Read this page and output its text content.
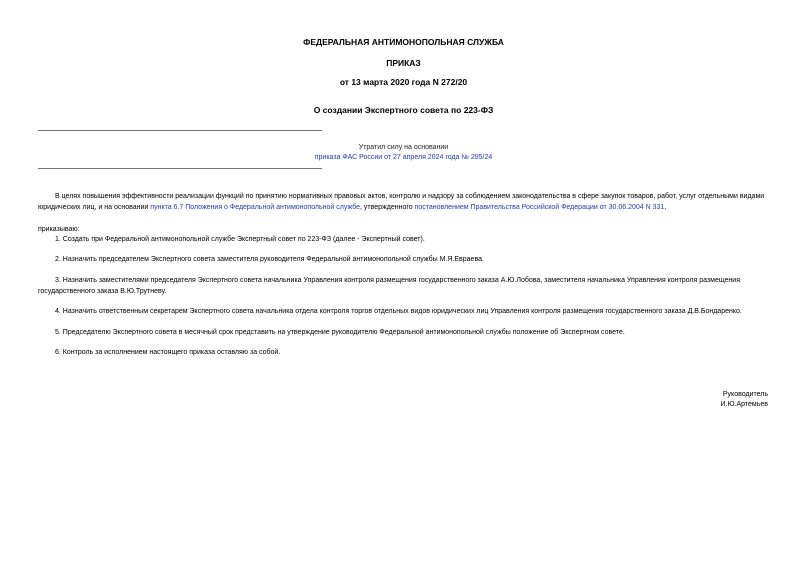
ФЕДЕРАЛЬНАЯ АНТИМОНОПОЛЬНАЯ СЛУЖБА
ПРИКАЗ
от 13 марта 2020 года N 272/20
О создании Экспертного совета по 223-ФЗ
Утратил силу на основании
приказа ФАС России от 27 апреля 2024 года № 295/24
В целях повышения эффективности реализации функций по принятию нормативных правовых актов, контролю и надзору за соблюдением законодательства в сфере закупок товаров, работ, услуг отдельными видами юридических лиц, и на основании пункта 6.7 Положения о Федеральной антимонопольной службе, утвержденного постановлением Правительства Российской Федерации от 30.06.2004 N 331,
приказываю:
1. Создать при Федеральной антимонопольной службе Экспертный совет по 223-ФЗ (далее - Экспертный совет).
2. Назначить председателем Экспертного совета заместителя руководителя Федеральной антимонопольной службы М.Я.Евраева.
3. Назначить заместителями председателя Экспертного совета начальника Управления контроля размещения государственного заказа А.Ю.Лобова, заместителя начальника Управления контроля размещения государственного заказа В.Ю.Трутневу.
4. Назначить ответственным секретарем Экспертного совета начальника отдела контроля торгов отдельных видов юридических лиц Управления контроля размещения государственного заказа Д.В.Бондаренко.
5. Председателю Экспертного совета в месячный срок представить на утверждение руководителю Федеральной антимонопольной службы положение об Экспертном совете.
6. Контроль за исполнением настоящего приказа оставляю за собой.
Руководитель
И.Ю.Артемьев
